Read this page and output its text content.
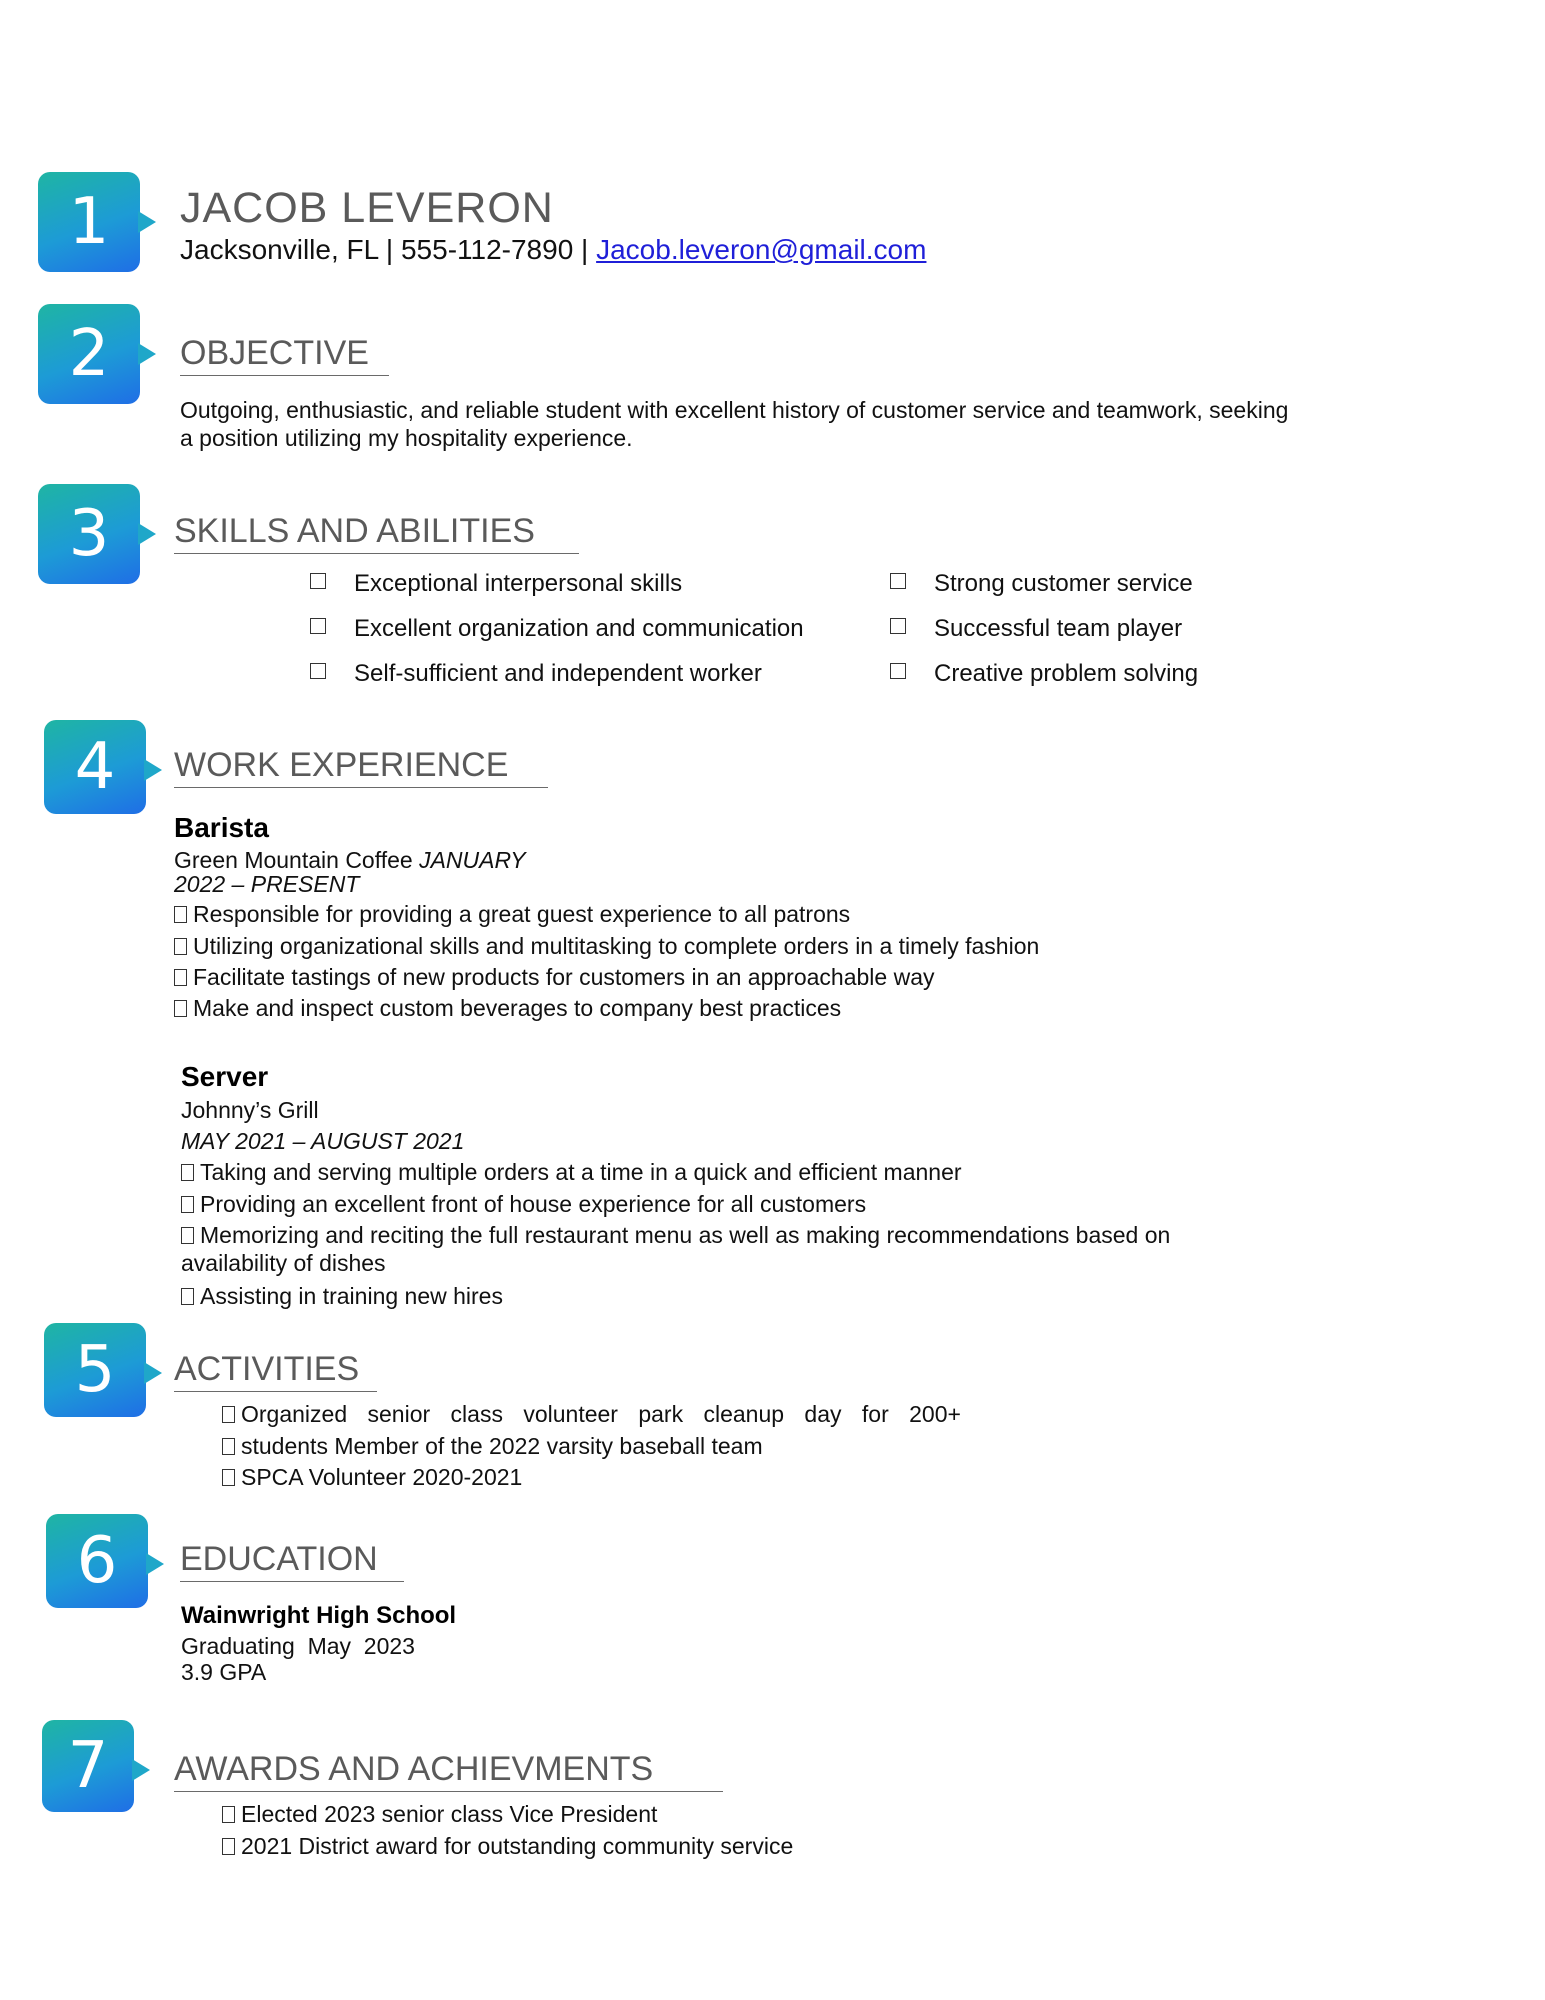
1
2
3
4
5
6
7
JACOB LEVERON
Jacksonville, FL | 555-112-7890 | Jacob.leveron@gmail.com
OBJECTIVE
Outgoing, enthusiastic, and reliable student with excellent history of customer service and teamwork, seeking
a position utilizing my hospitality experience.
SKILLS AND ABILITIES
Exceptional interpersonal skills
Excellent organization and communication
Self-sufficient and independent worker
Strong customer service
Successful team player
Creative problem solving
WORK EXPERIENCE
Barista
Green Mountain Coffee JANUARY
2022 – PRESENT
Responsible for providing a great guest experience to all patrons
Utilizing organizational skills and multitasking to complete orders in a timely fashion
Facilitate tastings of new products for customers in an approachable way
Make and inspect custom beverages to company best practices
Server
Johnny’s Grill
MAY 2021 – AUGUST 2021
Taking and serving multiple orders at a time in a quick and efficient manner
Providing an excellent front of house experience for all customers
Memorizing and reciting the full restaurant menu as well as making recommendations based on
availability of dishes
Assisting in training new hires
ACTIVITIES
Organized senior class volunteer park cleanup day for 200+
students Member of the 2022 varsity baseball team
SPCA Volunteer 2020-2021
EDUCATION
Wainwright High School
Graduating  May  2023
3.9 GPA
AWARDS AND ACHIEVMENTS
Elected 2023 senior class Vice President
2021 District award for outstanding community service
